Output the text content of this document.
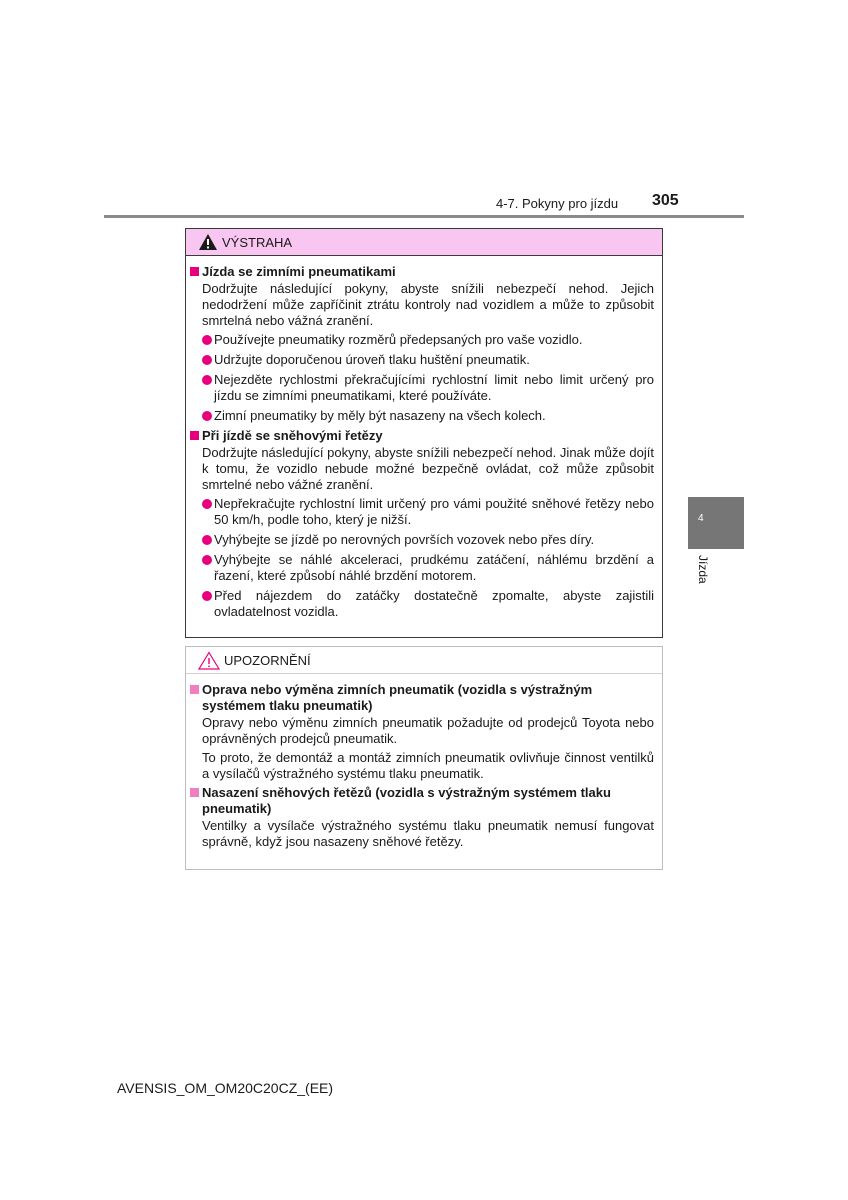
4-7. Pokyny pro jízdu 305
4
Jízda
VÝSTRAHA
Jízda se zimními pneumatikami
Dodržujte následující pokyny, abyste snížili nebezpečí nehod. Jejich nedodržení může zapříčinit ztrátu kontroly nad vozidlem a může to způsobit smrtelná nebo vážná zranění.
Používejte pneumatiky rozměrů předepsaných pro vaše vozidlo.
Udržujte doporučenou úroveň tlaku huštění pneumatik.
Nejezděte rychlostmi překračujícími rychlostní limit nebo limit určený pro jízdu se zimními pneumatikami, které používáte.
Zimní pneumatiky by měly být nasazeny na všech kolech.
Při jízdě se sněhovými řetězy
Dodržujte následující pokyny, abyste snížili nebezpečí nehod. Jinak může dojít k tomu, že vozidlo nebude možné bezpečně ovládat, což může způsobit smrtelné nebo vážné zranění.
Nepřekračujte rychlostní limit určený pro vámi použité sněhové řetězy nebo 50 km/h, podle toho, který je nižší.
Vyhýbejte se jízdě po nerovných površích vozovek nebo přes díry.
Vyhýbejte se náhlé akceleraci, prudkému zatáčení, náhlému brzdění a řazení, které způsobí náhlé brzdění motorem.
Před nájezdem do zatáčky dostatečně zpomalte, abyste zajistili ovladatelnost vozidla.
UPOZORNĚNÍ
Oprava nebo výměna zimních pneumatik (vozidla s výstražným systémem tlaku pneumatik)
Opravy nebo výměnu zimních pneumatik požadujte od prodejců Toyota nebo oprávněných prodejců pneumatik.
To proto, že demontáž a montáž zimních pneumatik ovlivňuje činnost ventilků a vysílačů výstražného systému tlaku pneumatik.
Nasazení sněhových řetězů (vozidla s výstražným systémem tlaku pneumatik)
Ventilky a vysílače výstražného systému tlaku pneumatik nemusí fungovat správně, když jsou nasazeny sněhové řetězy.
AVENSIS_OM_OM20C20CZ_(EE)
